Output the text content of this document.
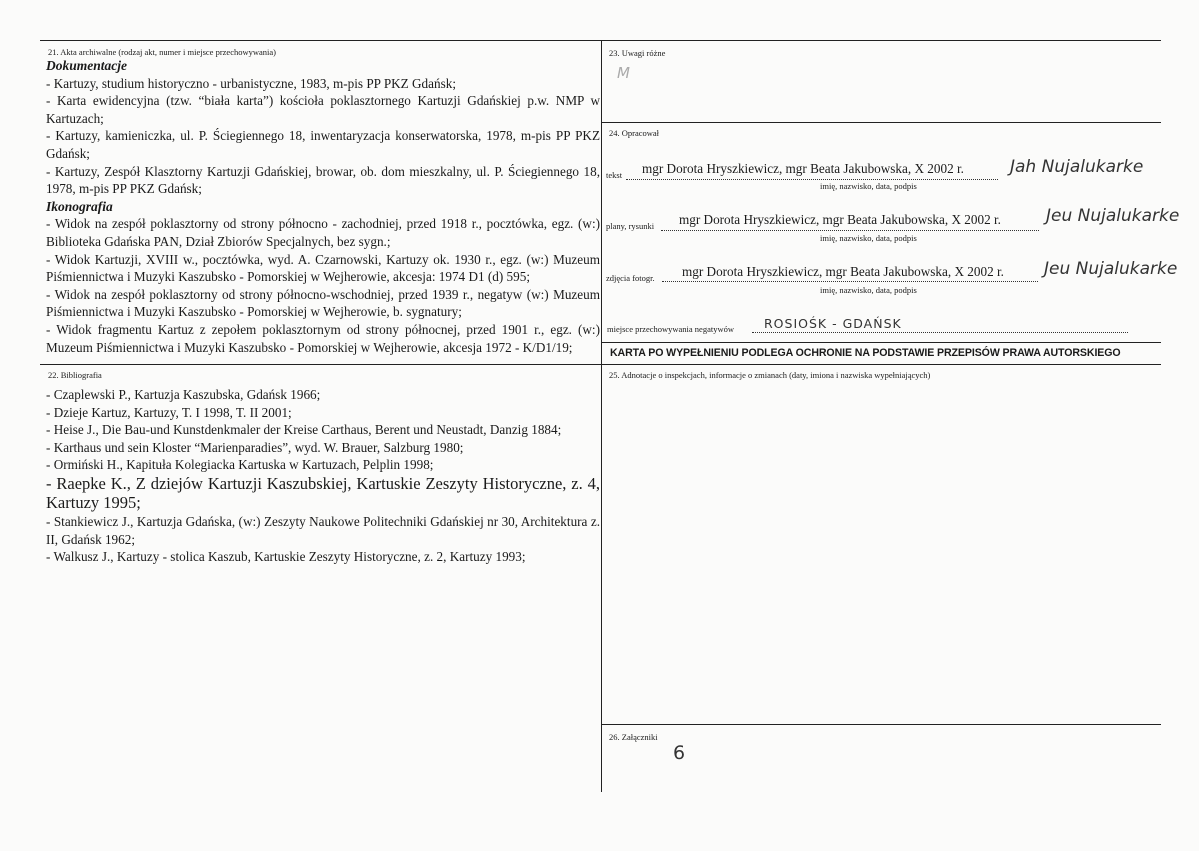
21. Akta archiwalne (rodzaj akt, numer i miejsce przechowywania)
Dokumentacje
- Kartuzy, studium historyczno - urbanistyczne, 1983, m-pis PP PKZ Gdańsk;
- Karta ewidencyjna (tzw. “biała karta”) kościoła poklasztornego Kartuzji Gdańskiej p.w. NMP w Kartuzach;
- Kartuzy, kamieniczka, ul. P. Ściegiennego 18, inwentaryzacja konserwatorska, 1978, m-pis PP PKZ Gdańsk;
- Kartuzy, Zespół Klasztorny Kartuzji Gdańskiej, browar, ob. dom mieszkalny, ul. P. Ściegiennego 18, 1978, m-pis PP PKZ Gdańsk;
Ikonografia
- Widok na zespół poklasztorny od strony północno - zachodniej, przed 1918 r., pocztówka, egz. (w:) Biblioteka Gdańska PAN, Dział Zbiorów Specjalnych, bez sygn.;
- Widok Kartuzji, XVIII w., pocztówka, wyd. A. Czarnowski, Kartuzy ok. 1930 r., egz. (w:) Muzeum Piśmiennictwa i Muzyki Kaszubsko - Pomorskiej w Wejherowie, akcesja: 1974 D1 (d) 595;
- Widok na zespół poklasztorny od strony północno-wschodniej, przed 1939 r., negatyw (w:) Muzeum Piśmiennictwa i Muzyki Kaszubsko - Pomorskiej w Wejherowie, b. sygnatury;
- Widok fragmentu Kartuz z zepołem poklasztornym od strony północnej, przed 1901 r., egz. (w:) Muzeum Piśmiennictwa i Muzyki Kaszubsko - Pomorskiej w Wejherowie, akcesja 1972 - K/D1/19;
22. Bibliografia
- Czaplewski P., Kartuzja Kaszubska, Gdańsk 1966;
- Dzieje Kartuz, Kartuzy, T. I 1998, T. II 2001;
- Heise J., Die Bau-und Kunstdenkmaler der Kreise Carthaus, Berent und Neustadt, Danzig 1884;
- Karthaus und sein Kloster “Marienparadies”, wyd. W. Brauer, Salzburg 1980;
- Ormiński H., Kapituła Kolegiacka Kartuska w Kartuzach, Pelplin 1998;
- Raepke K., Z dziejów Kartuzji Kaszubskiej, Kartuskie Zeszyty Historyczne, z. 4, Kartuzy 1995;
- Stankiewicz J., Kartuzja Gdańska, (w:) Zeszyty Naukowe Politechniki Gdańskiej nr 30, Architektura z. II, Gdańsk 1962;
- Walkusz J., Kartuzy - stolica Kaszub, Kartuskie Zeszyty Historyczne, z. 2, Kartuzy 1993;
23. Uwagi różne
M
24. Opracował
tekst mgr Dorota Hryszkiewicz, mgr Beata Jakubowska, X 2002 r.
imię, nazwisko, data, podpis
Jah Nujalukarke
plany, rysunki mgr Dorota Hryszkiewicz, mgr Beata Jakubowska, X 2002 r.
imię, nazwisko, data, podpis
Jeu Nujalukarke
zdjęcia fotogr. mgr Dorota Hryszkiewicz, mgr Beata Jakubowska, X 2002 r.
imię, nazwisko, data, podpis
Jeu Nujalukarke
miejsce przechowywania negatywów ROSIOŚK - GDAŃSK
KARTA PO WYPEŁNIENIU PODLEGA OCHRONIE NA PODSTAWIE PRZEPISÓW PRAWA AUTORSKIEGO
25. Adnotacje o inspekcjach, informacje o zmianach (daty, imiona i nazwiska wypełniających)
26. Załączniki
6
